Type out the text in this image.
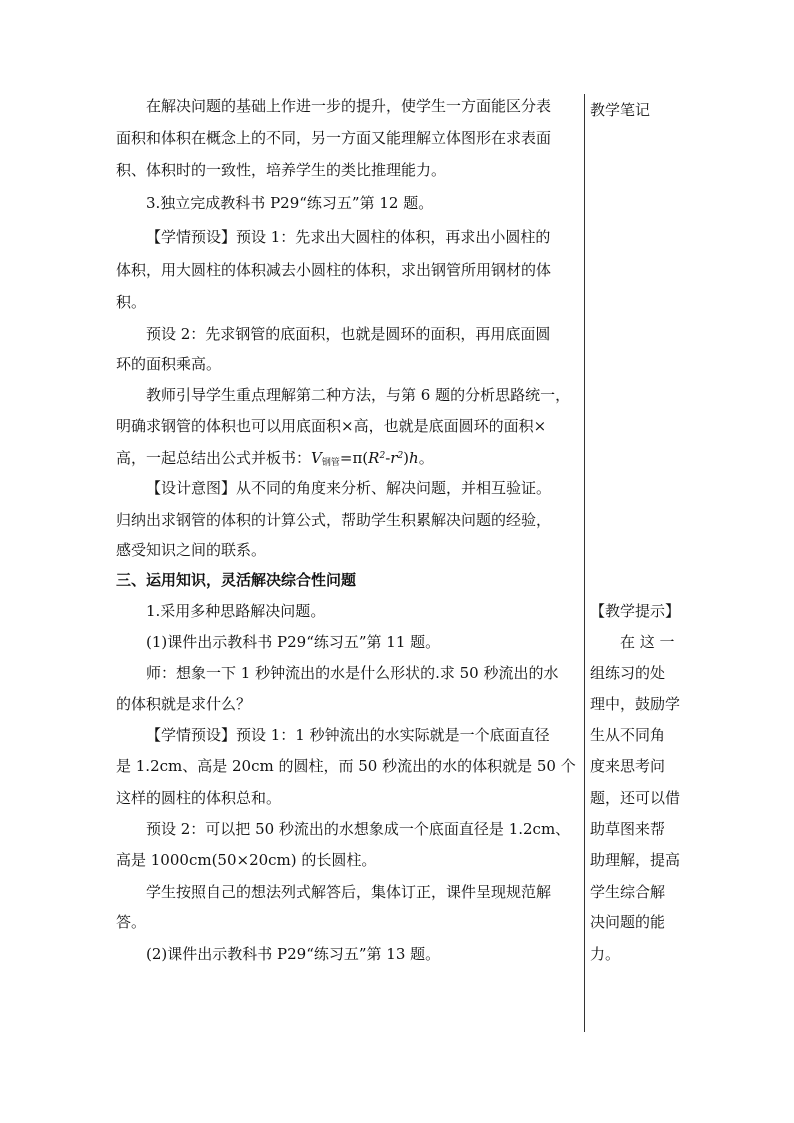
在解决问题的基础上作进一步的提升，使学生一方面能区分表
面积和体积在概念上的不同，另一方面又能理解立体图形在求表面
积、体积时的一致性，培养学生的类比推理能力。
3.独立完成教科书 P29“练习五”第 12 题。
【学情预设】预设 1：先求出大圆柱的体积，再求出小圆柱的
体积，用大圆柱的体积减去小圆柱的体积，求出钢管所用钢材的体
积。
预设 2：先求钢管的底面积，也就是圆环的面积，再用底面圆
环的面积乘高。
教师引导学生重点理解第二种方法，与第 6 题的分析思路统一，
明确求钢管的体积也可以用底面积×高，也就是底面圆环的面积×
高，一起总结出公式并板书：$V_{钢管}=\pi(R^2-r^2)h$。
【设计意图】从不同的角度来分析、解决问题，并相互验证。
归纳出求钢管的体积的计算公式，帮助学生积累解决问题的经验，
感受知识之间的联系。
三、运用知识，灵活解决综合性问题
1.采用多种思路解决问题。
(1)课件出示教科书 P29“练习五”第 11 题。
师：想象一下 1 秒钟流出的水是什么形状的.求 50 秒流出的水
的体积就是求什么？
【学情预设】预设 1：1 秒钟流出的水实际就是一个底面直径
是 1.2cm、高是 20cm 的圆柱，而 50 秒流出的水的体积就是 50 个
这样的圆柱的体积总和。
预设 2：可以把 50 秒流出的水想象成一个底面直径是 1.2cm、
高是 1000cm(50×20cm) 的长圆柱。
学生按照自己的想法列式解答后，集体订正，课件呈现规范解
答。
(2)课件出示教科书 P29“练习五”第 13 题。
教学笔记
【教学提示】
在 这 一
组练习的处
理中，鼓励学
生从不同角
度来思考问
题，还可以借
助草图来帮
助理解，提高
学生综合解
决问题的能
力。
